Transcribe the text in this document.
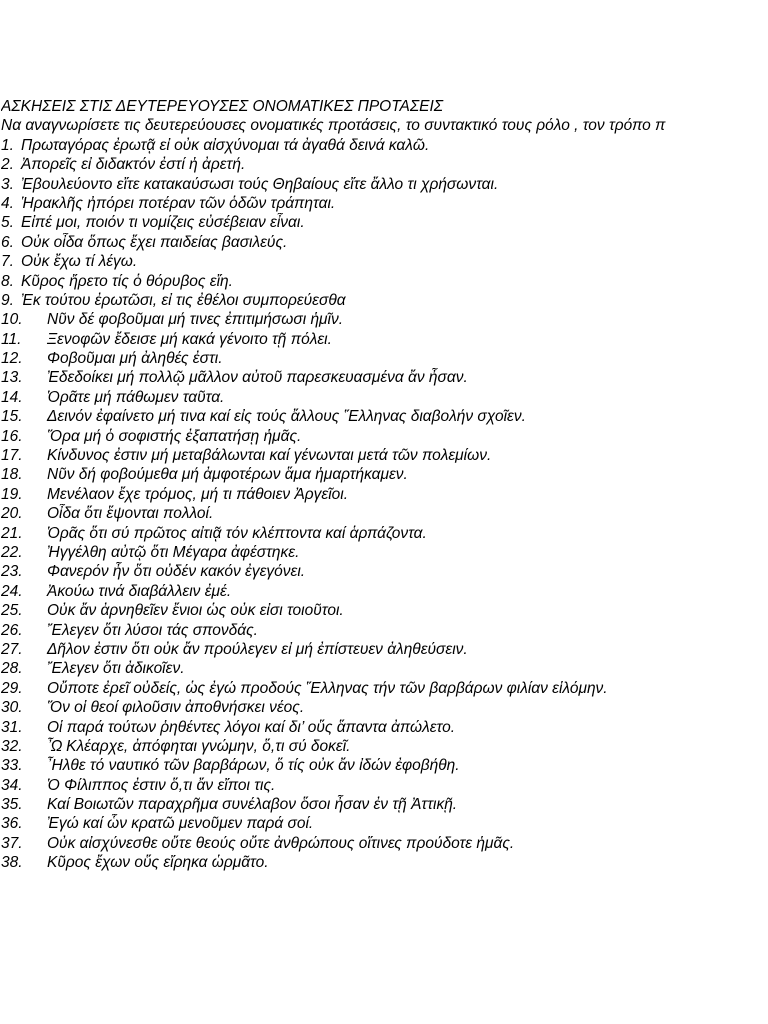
ΑΣΚΗΣΕΙΣ ΣΤΙΣ ΔΕΥΤΕΡΕΥΟΥΣΕΣ ΟΝΟΜΑΤΙΚΕΣ ΠΡΟΤΑΣΕΙΣ
Να αναγνωρίσετε τις δευτερεύουσες ονοματικές προτάσεις, το συντακτικό τους ρόλο , τον τρόπο π
1. Πρωταγόρας ἐρωτᾷ εἰ οὐκ αἰσχύνομαι τά ἀγαθά δεινά καλῶ.
2. Ἀπορεῖς εἰ διδακτόν ἐστί ἡ ἀρετή.
3. Ἐβουλεύοντο εἴτε κατακαύσωσι τούς Θηβαίους εἴτε ἄλλο τι χρήσωνται.
4. Ἡρακλῆς ἠπόρει ποτέραν τῶν ὁδῶν τράπηται.
5. Εἰπέ μοι, ποιόν τι νομίζεις εὐσέβειαν εἶναι.
6. Οὐκ οἶδα ὅπως ἔχει παιδείας βασιλεύς.
7. Οὐκ ἔχω τί λέγω.
8. Κῦρος ἤρετο τίς ὁ θόρυβος εἴη.
9. Ἐκ τούτου ἐρωτῶσι, εἰ τις ἐθέλοι συμπορεύεσθα
10. Νῦν δέ φοβοῦμαι μή τινες ἐπιτιμήσωσι ἡμῖν.
11. Ξενοφῶν ἔδεισε μή κακά γένοιτο τῇ πόλει.
12. Φοβοῦμαι μή ἀληθές ἐστι.
13. Ἐδεδοίκει μή πολλῷ μᾶλλον αὐτοῦ παρεσκευασμένα ἄν ἦσαν.
14. Ὁρᾶτε μή πάθωμεν ταῦτα.
15. Δεινόν ἐφαίνετο μή τινα καί εἰς τούς ἄλλους Ἕλληνας διαβολήν σχοῖεν.
16. Ὅρα μή ὁ σοφιστής ἐξαπατήσῃ ἡμᾶς.
17. Κίνδυνος ἐστιν μή μεταβάλωνται καί γένωνται μετά τῶν πολεμίων.
18. Νῦν δή φοβούμεθα μή ἀμφοτέρων ἅμα ἡμαρτήκαμεν.
19. Μενέλαον ἔχε τρόμος, μή τι πάθοιεν Ἀργεῖοι.
20. Οἶδα ὅτι ἕψονται πολλοί.
21. Ὁρᾶς ὅτι σύ πρῶτος αἰτιᾷ τόν κλέπτοντα καί ἁρπάζοντα.
22. Ἠγγέλθη αὐτῷ ὅτι Μέγαρα ἀφέστηκε.
23. Φανερόν ἦν ὅτι οὐδέν κακόν ἐγεγόνει.
24. Ἀκούω τινά διαβάλλειν ἐμέ.
25. Οὐκ ἄν ἀρνηθεῖεν ἔνιοι ὡς οὐκ εἰσι τοιοῦτοι.
26. Ἔλεγεν ὅτι λύσοι τάς σπονδάς.
27. Δῆλον ἐστιν ὅτι οὐκ ἄν προύλεγεν εἰ μή ἐπίστευεν ἀληθεύσειν.
28. Ἔλεγεν ὅτι ἀδικοῖεν.
29. Οὔποτε ἐρεῖ οὐδείς, ὡς ἐγώ προδούς Ἕλληνας τήν τῶν βαρβάρων φιλίαν εἱλόμην.
30. Ὅν οἱ θεοί φιλοῦσιν ἀποθνήσκει νέος.
31. Οἱ παρά τούτων ῥηθέντες λόγοι καί δι’ οὕς ἅπαντα ἀπώλετο.
32. Ὦ Κλέαρχε, ἀπόφηται γνώμην, ὅ,τι σύ δοκεῖ.
33. Ἦλθε τό ναυτικό τῶν βαρβάρων, ὅ τίς οὐκ ἄν ἰδών ἐφοβήθη.
34. Ὁ Φίλιππος ἐστιν ὅ,τι ἄν εἴποι τις.
35. Καί Βοιωτῶν παραχρῆμα συνέλαβον ὅσοι ἦσαν ἐν τῇ Ἀττικῇ.
36. Ἐγώ καί ὧν κρατῶ μενοῦμεν παρά σοί.
37. Οὐκ αἰσχύνεσθε οὔτε θεούς οὔτε ἀνθρώπους οἵτινες προύδοτε ἡμᾶς.
38. Κῦρος ἔχων οὕς εἴρηκα ὡρμᾶτο.
